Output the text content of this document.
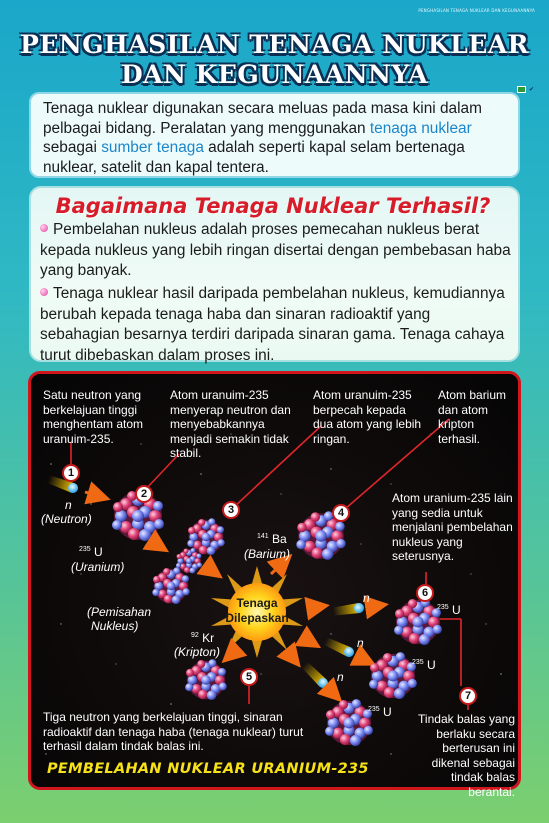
PENGHASILAN TENAGA NUKLEAR DAN KEGUNAANNYA
PENGHASILAN TENAGA NUKLEAR
DAN KEGUNAANNYA
✔

Tenaga nuklear digunakan secara meluas pada masa kini dalam pelbagai bidang. Peralatan yang menggunakan tenaga nuklear sebagai sumber tenaga adalah seperti kapal selam bertenaga nuklear, satelit dan kapal tentera.

Bagaimana Tenaga Nuklear Terhasil?
Pembelahan nukleus adalah proses pemecahan nukleus berat kepada nukleus yang lebih ringan disertai dengan pembebasan haba yang banyak.
Tenaga nuklear hasil daripada pembelahan nukleus, kemudiannya berubah kepada tenaga haba dan sinaran radioaktif yang sebahagian besarnya terdiri daripada sinaran gama. Tenaga cahaya turut dibebaskan dalam proses ini.
Satu neutron yang berkelajuan tinggi menghentam atom uranuim-235.
Atom uranuim-235 menyerap neutron dan menyebabkannya menjadi semakin tidak stabil.
Atom uranuim-235 berpecah kepada dua atom yang lebih ringan.
Atom barium dan atom kripton terhasil.
Atom uranium-235 lain yang sedia untuk menjalani pembelahan nukleus yang seterusnya.
Tiga neutron yang berkelajuan tinggi, sinaran radioaktif dan tenaga haba (tenaga nuklear) turut terhasil dalam tindak balas ini.
Tindak balas yang berlaku secara berterusan ini dikenal sebagai tindak balas berantai.
1
2
3	4
5
6
7
n
(Neutron)
$^{235}$ U
(Uranium)
(Pemisahan
Nukleus)
$^{141}$ Ba
(Barium)
$^{92}$ Kr
(Kripton)
Tenaga
Dilepaskan
n
n
n
$^{235}$ U
$^{235}$ U
$^{235}$ U
PEMBELAHAN NUKLEAR URANIUM-235
